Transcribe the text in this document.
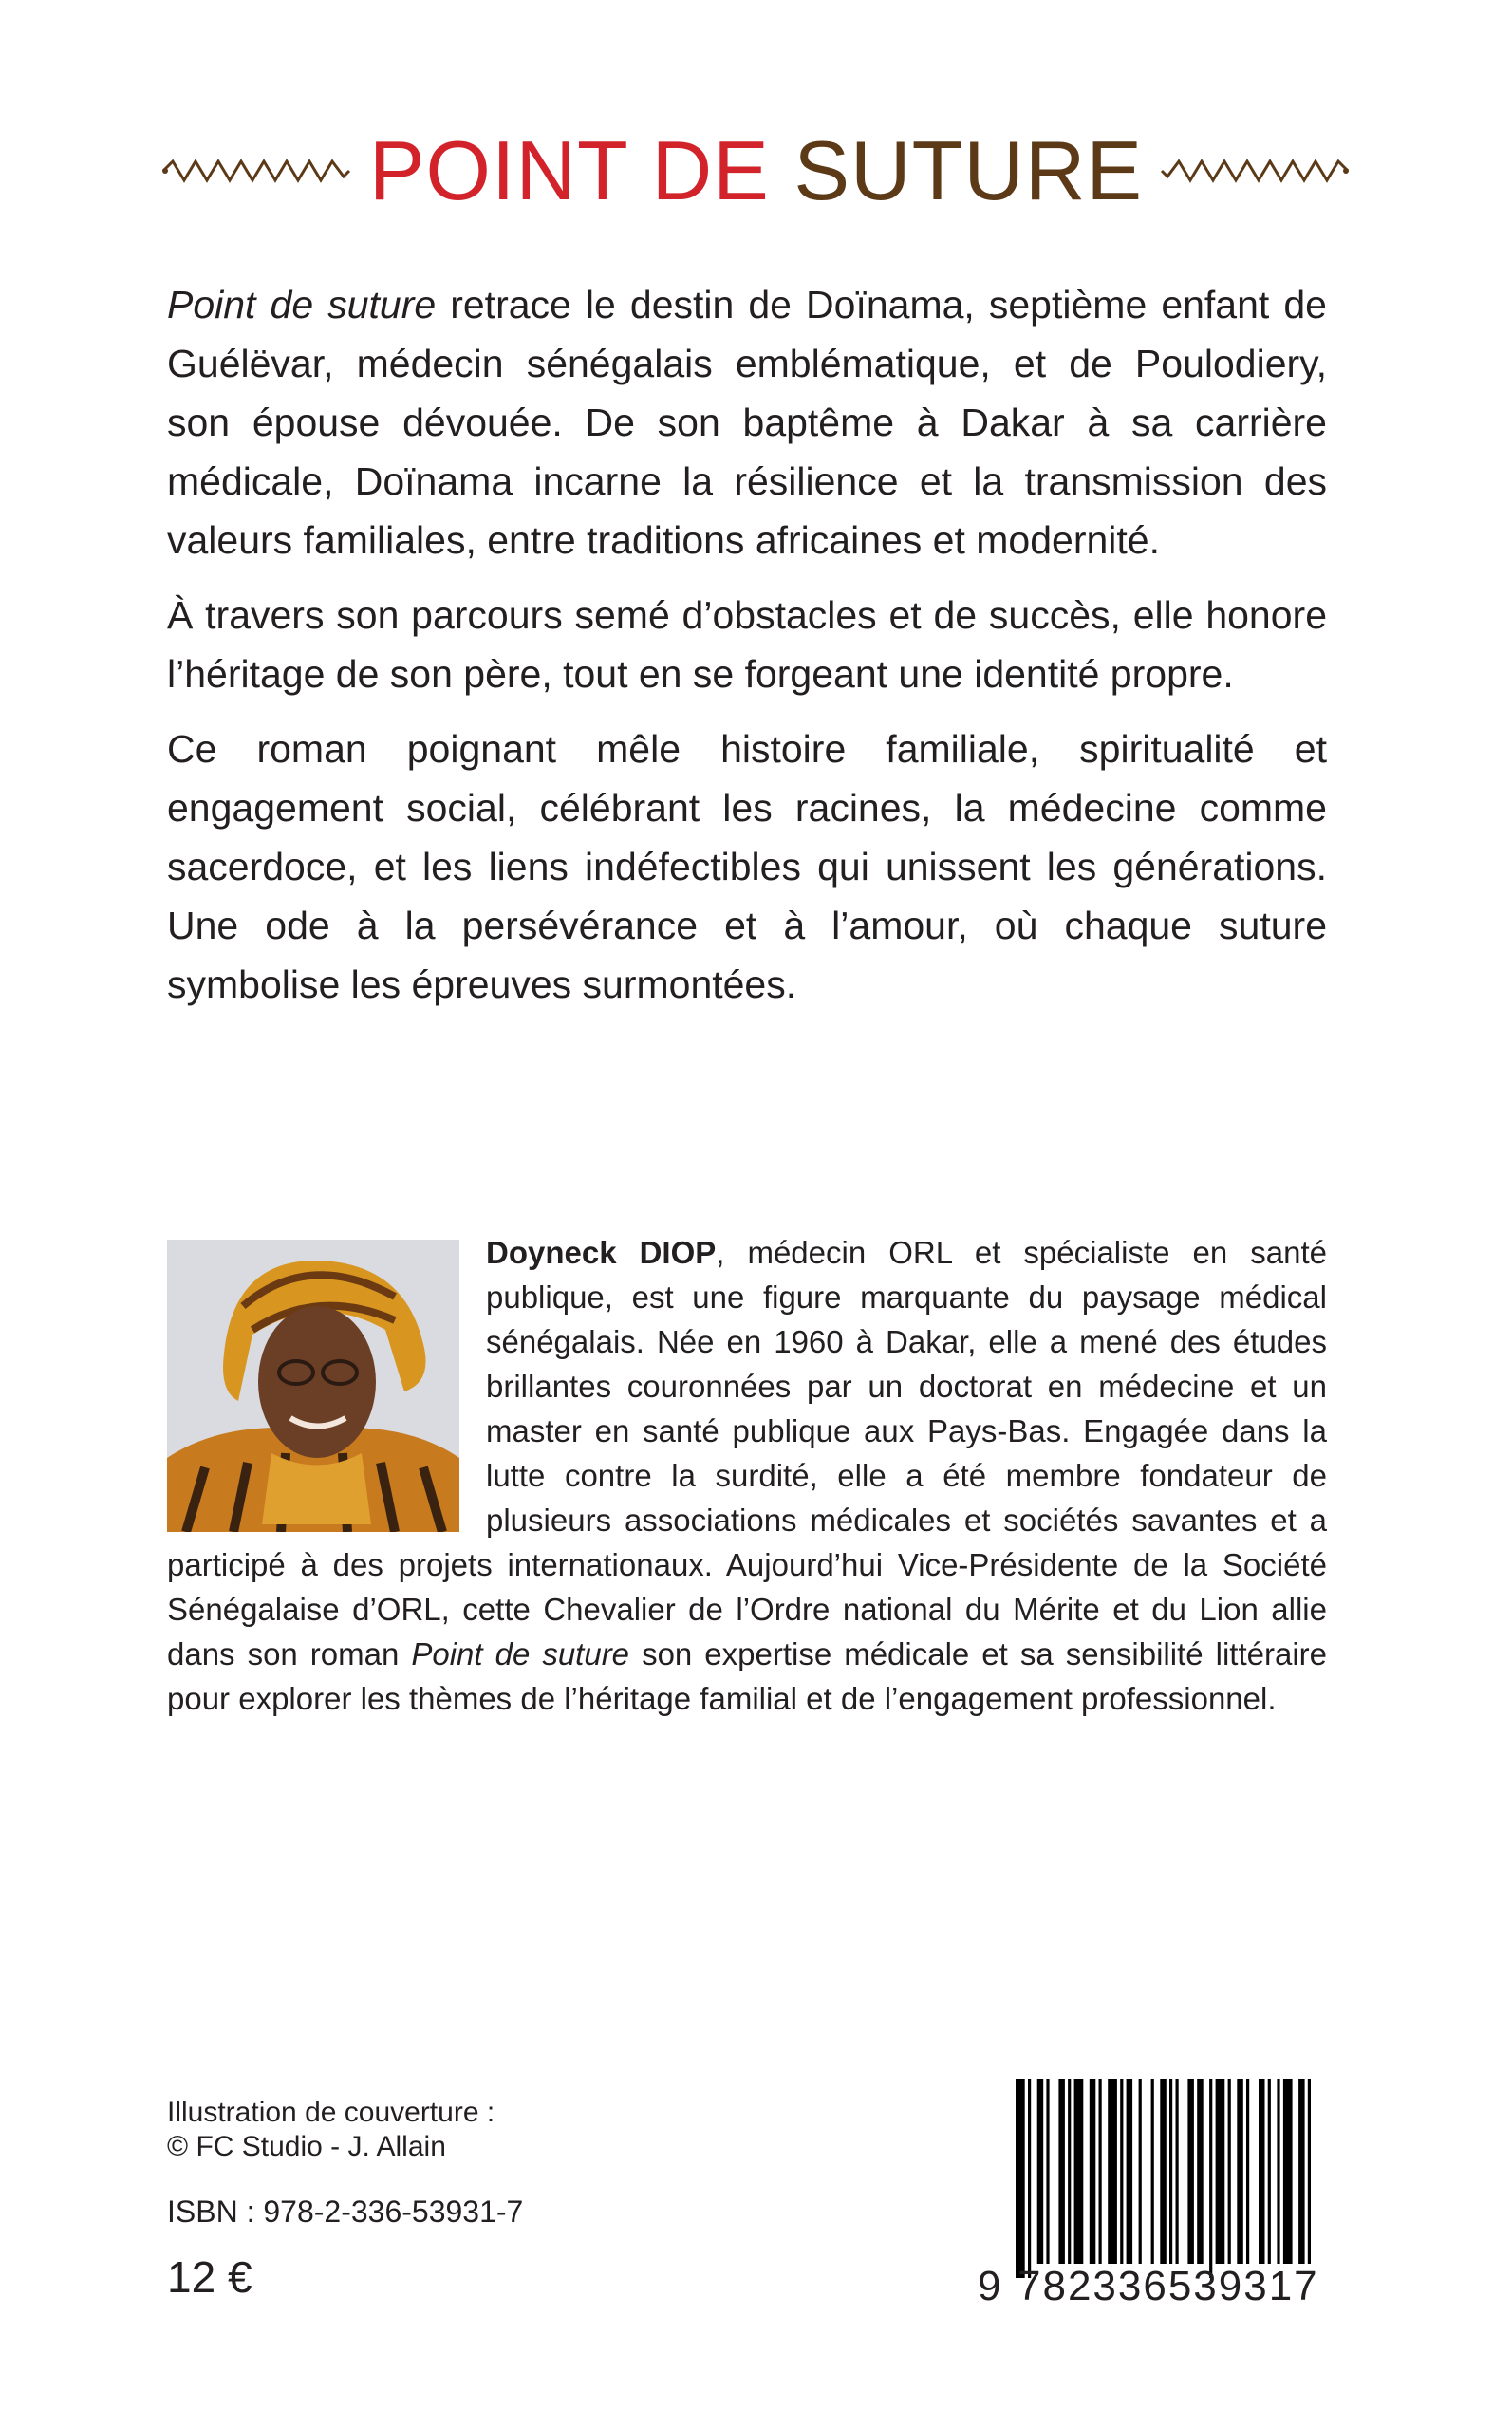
POINT DE SUTURE

Point de suture retrace le destin de Doïnama, septième enfant de Guélëvar, médecin sénégalais emblématique, et de Poulodiery, son épouse dévouée. De son baptême à Dakar à sa carrière médicale, Doïnama incarne la résilience et la transmission des valeurs familiales, entre traditions africaines et modernité.

À travers son parcours semé d’obstacles et de succès, elle honore l’héritage de son père, tout en se forgeant une identité propre.

Ce roman poignant mêle histoire familiale, spiritualité et engagement social, célébrant les racines, la médecine comme sacerdoce, et les liens indéfectibles qui unissent les générations. Une ode à la persévérance et à l’amour, où chaque suture symbolise les épreuves surmontées.

Doyneck DIOP, médecin ORL et spécialiste en santé publique, est une figure marquante du paysage médical sénégalais. Née en 1960 à Dakar, elle a mené des études brillantes couronnées par un doctorat en médecine et un master en santé publique aux Pays-Bas. Engagée dans la lutte contre la surdité, elle a été membre fondateur de plusieurs associations médicales et sociétés savantes et a participé à des projets internationaux. Aujourd’hui Vice-Présidente de la Société Sénégalaise d’ORL, cette Chevalier de l’Ordre national du Mérite et du Lion allie dans son roman Point de suture son expertise médicale et sa sensibilité littéraire pour explorer les thèmes de l’héritage familial et de l’engagement professionnel.
Illustration de couverture :
© FC Studio - J. Allain
ISBN : 978-2-336-53931-7
12 €	9 782336539317
